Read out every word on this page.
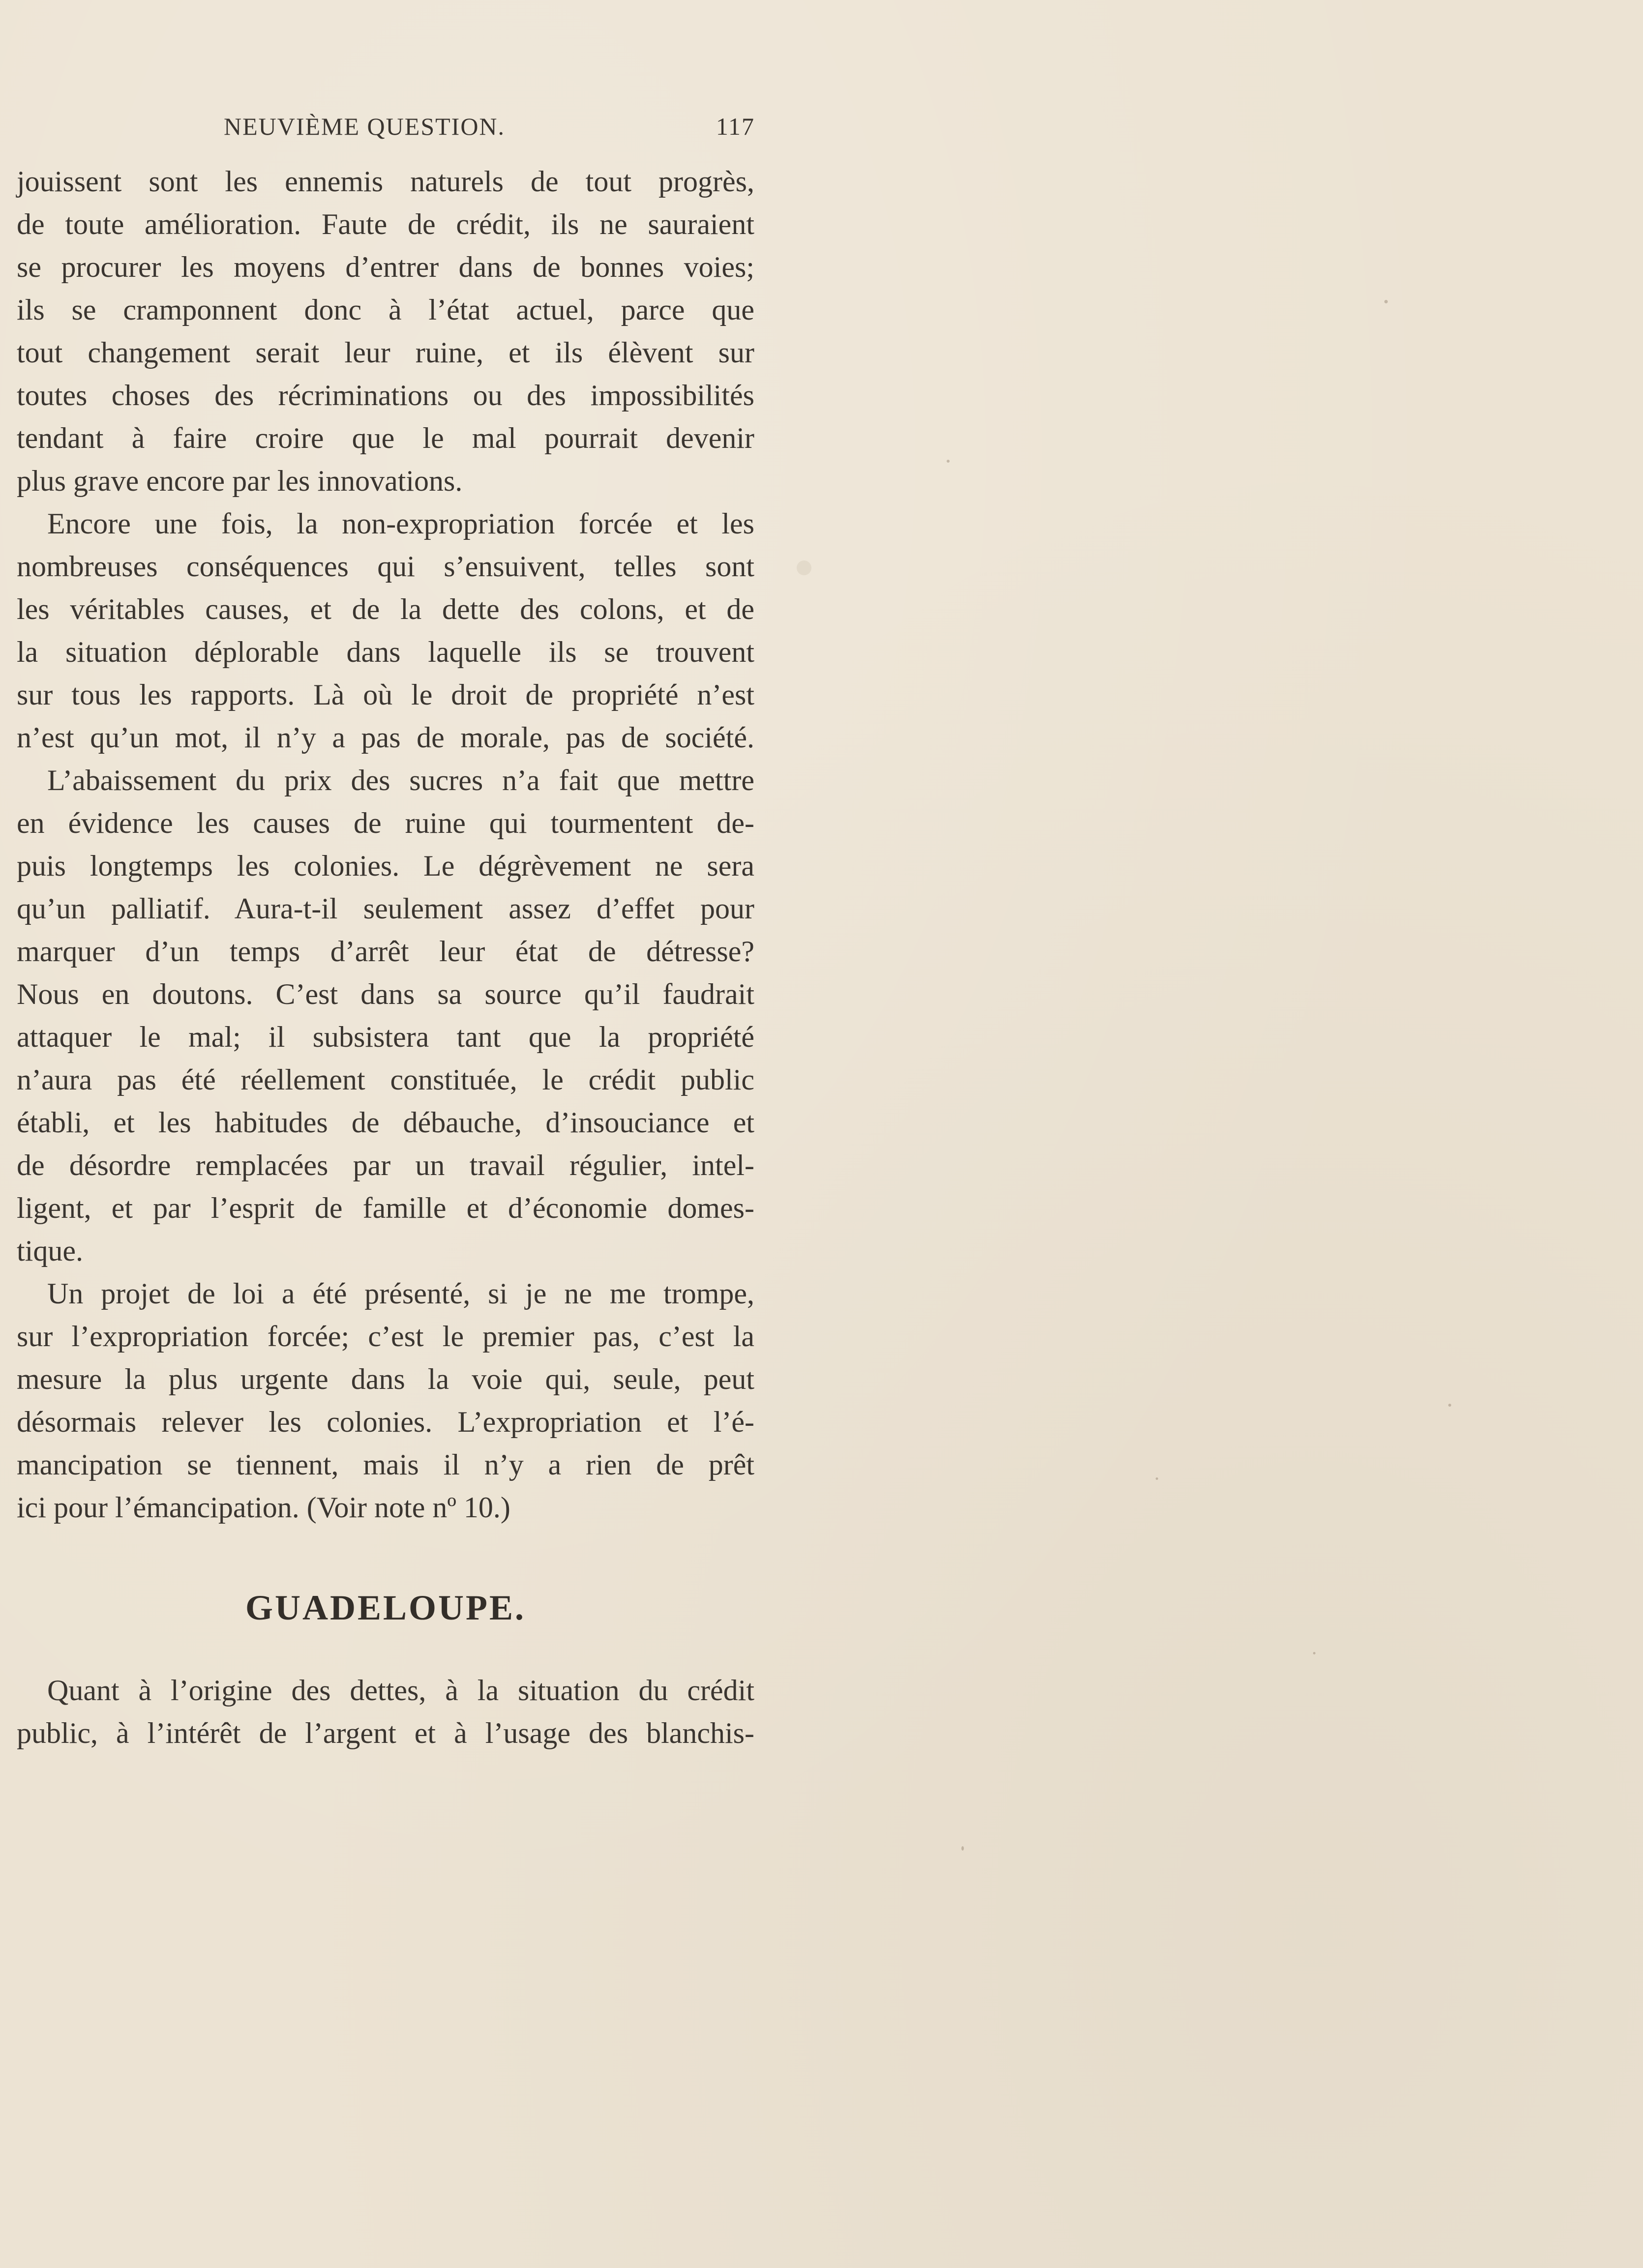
NEUVIÈME QUESTION.	117

jouissent sont les ennemis naturels de tout progrès,
de toute amélioration. Faute de crédit, ils ne sauraient
se procurer les moyens d’entrer dans de bonnes voies;
ils se cramponnent donc à l’état actuel, parce que
tout changement serait leur ruine, et ils élèvent sur
toutes choses des récriminations ou des impossibilités
tendant à faire croire que le mal pourrait devenir
plus grave encore par les innovations.

Encore une fois, la non-expropriation forcée et les
nombreuses conséquences qui s’ensuivent, telles sont
les véritables causes, et de la dette des colons, et de
la situation déplorable dans laquelle ils se trouvent
sur tous les rapports. Là où le droit de propriété n’est
n’est qu’un mot, il n’y a pas de morale, pas de société.

L’abaissement du prix des sucres n’a fait que mettre
en évidence les causes de ruine qui tourmentent de-
puis longtemps les colonies. Le dégrèvement ne sera
qu’un palliatif. Aura-t-il seulement assez d’effet pour
marquer d’un temps d’arrêt leur état de détresse?
Nous en doutons. C’est dans sa source qu’il faudrait
attaquer le mal; il subsistera tant que la propriété
n’aura pas été réellement constituée, le crédit public
établi, et les habitudes de débauche, d’insouciance et
de désordre remplacées par un travail régulier, intel-
ligent, et par l’esprit de famille et d’économie domes-
tique.

Un projet de loi a été présenté, si je ne me trompe,
sur l’expropriation forcée; c’est le premier pas, c’est la
mesure la plus urgente dans la voie qui, seule, peut
désormais relever les colonies. L’expropriation et l’é-
mancipation se tiennent, mais il n’y a rien de prêt
ici pour l’émancipation. (Voir note nº 10.)

GUADELOUPE.

Quant à l’origine des dettes, à la situation du crédit
public, à l’intérêt de l’argent et à l’usage des blanchis-
